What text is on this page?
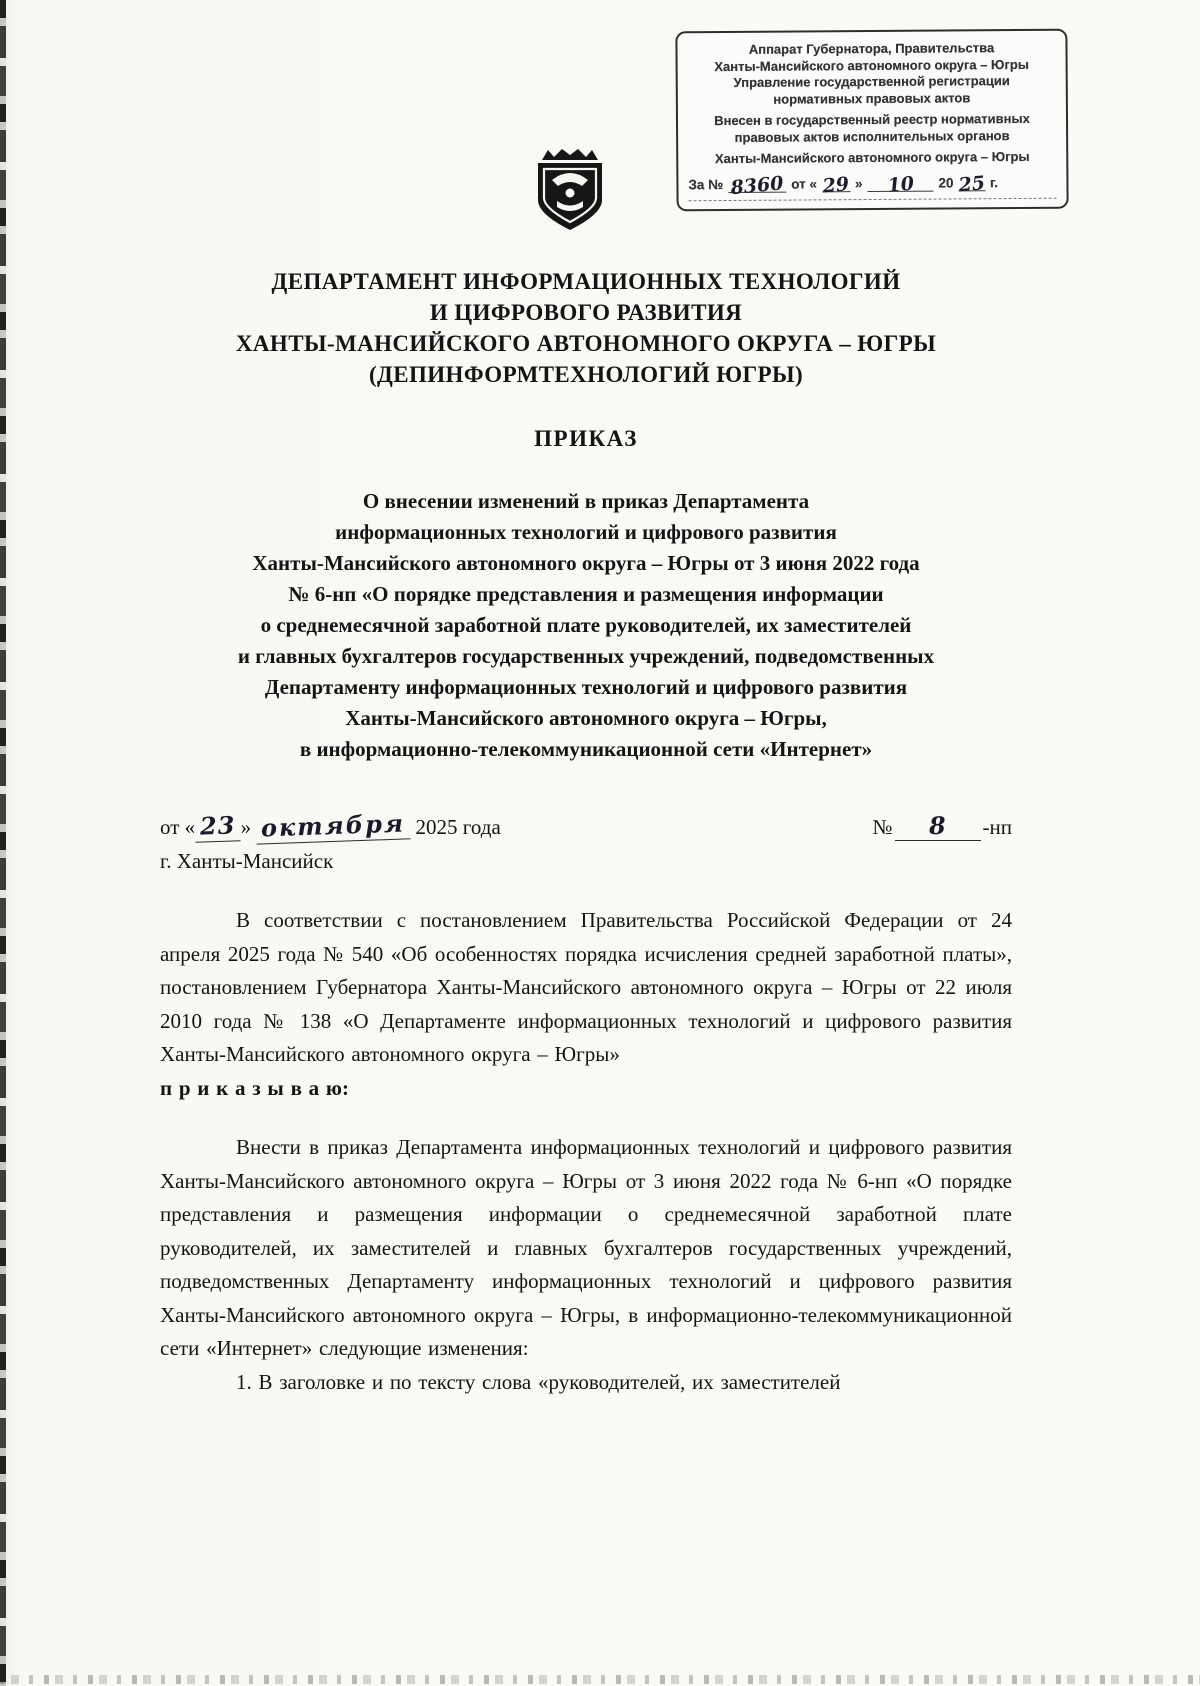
Аппарат Губернатора, Правительства
Ханты-Мансийского автономного округа – Югры
Управление государственной регистрации
нормативных правовых актов
Внесен в государственный реестр нормативных
правовых актов исполнительных органов
Ханты-Мансийского автономного округа – Югры
За № 8360 от « 29 »	10	20 25 г.
ДЕПАРТАМЕНТ ИНФОРМАЦИОННЫХ ТЕХНОЛОГИЙ
И ЦИФРОВОГО РАЗВИТИЯ
ХАНТЫ-МАНСИЙСКОГО АВТОНОМНОГО ОКРУГА – ЮГРЫ
(ДЕПИНФОРМТЕХНОЛОГИЙ ЮГРЫ)
ПРИКАЗ
О внесении изменений в приказ Департамента
информационных технологий и цифрового развития
Ханты-Мансийского автономного округа – Югры от 3 июня 2022 года
№ 6-нп «О порядке представления и размещения информации
о среднемесячной заработной плате руководителей, их заместителей
и главных бухгалтеров государственных учреждений, подведомственных
Департаменту информационных технологий и цифрового развития
Ханты-Мансийского автономного округа – Югры,
в информационно-телекоммуникационной сети «Интернет»
от « 23 » октября 2025 года	№ 8 -нп
г. Ханты-Мансийск

В соответствии с постановлением Правительства Российской Федерации от 24 апреля 2025 года № 540 «Об особенностях порядка исчисления средней заработной платы», постановлением Губернатора Ханты-Мансийского автономного округа – Югры от 22 июля 2010 года № 138 «О Департаменте информационных технологий и цифрового развития Ханты-Мансийского автономного округа – Югры»
п р и к а з ы в а ю:

Внести в приказ Департамента информационных технологий и цифрового развития Ханты-Мансийского автономного округа – Югры от 3 июня 2022 года № 6-нп «О порядке представления и размещения информации о среднемесячной заработной плате руководителей, их заместителей и главных бухгалтеров государственных учреждений, подведомственных Департаменту информационных технологий и цифрового развития Ханты-Мансийского автономного округа – Югры, в информационно-телекоммуникационной сети «Интернет» следующие изменения:

1. В заголовке и по тексту слова «руководителей, их заместителей
